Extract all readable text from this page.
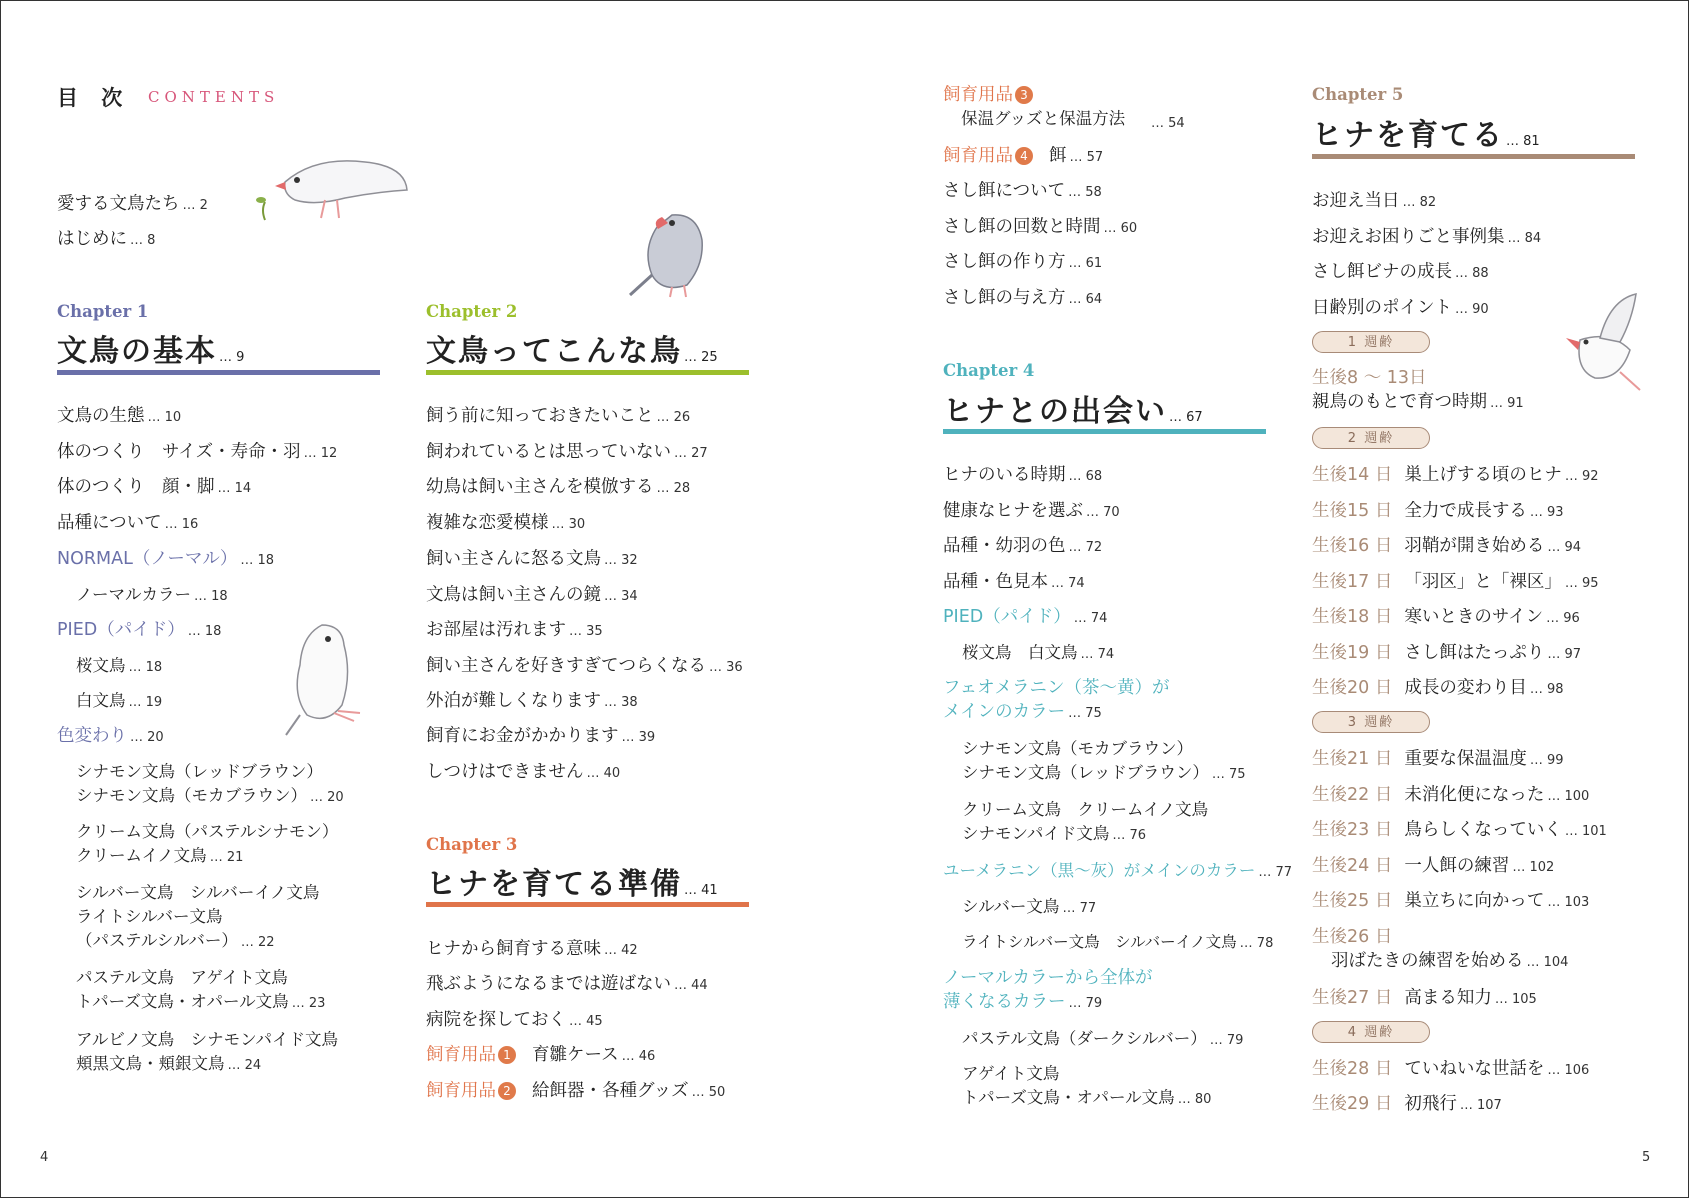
目 次 CONTENTS
愛する文鳥たち … 2
はじめに … 8
Chapter 1
文鳥の基本 … 9
文鳥の生態 … 10
体のつくり　サイズ・寿命・羽 … 12
体のつくり　顔・脚 … 14
品種について … 16
NORMAL（ノーマル） … 18
ノーマルカラー … 18
PIED（パイド） … 18
桜文鳥 … 18
白文鳥 … 19
色変わり … 20
シナモン文鳥（レッドブラウン）
シナモン文鳥（モカブラウン） … 20
クリーム文鳥（パステルシナモン）
クリームイノ文鳥 … 21
シルバー文鳥　シルバーイノ文鳥
ライトシルバー文鳥
（パステルシルバー） … 22
パステル文鳥　アゲイト文鳥
トパーズ文鳥・オパール文鳥 … 23
アルビノ文鳥　シナモンパイド文鳥
頬黒文鳥・頬銀文鳥 … 24
Chapter 2
文鳥ってこんな鳥 … 25
飼う前に知っておきたいこと … 26
飼われているとは思っていない … 27
幼鳥は飼い主さんを模倣する … 28
複雑な恋愛模様 … 30
飼い主さんに怒る文鳥 … 32
文鳥は飼い主さんの鏡 … 34
お部屋は汚れます … 35
飼い主さんを好きすぎてつらくなる … 36
外泊が難しくなります … 38
飼育にお金がかかります … 39
しつけはできません … 40
Chapter 3
ヒナを育てる準備 … 41
ヒナから飼育する意味 … 42
飛ぶようになるまでは遊ばない … 44
病院を探しておく … 45
飼育用品 1 育雛ケース … 46
飼育用品 2 給餌器・各種グッズ … 50
飼育用品 3
保温グッズと保温方法 … 54
飼育用品 4 餌 … 57
さし餌について … 58
さし餌の回数と時間 … 60
さし餌の作り方 … 61
さし餌の与え方 … 64
Chapter 4
ヒナとの出会い … 67
ヒナのいる時期 … 68
健康なヒナを選ぶ … 70
品種・幼羽の色 … 72
品種・色見本 … 74
PIED（パイド） … 74
桜文鳥　白文鳥 … 74
フェオメラニン（茶～黄）が
メインのカラー … 75
シナモン文鳥（モカブラウン）
シナモン文鳥（レッドブラウン） … 75
クリーム文鳥　クリームイノ文鳥
シナモンパイド文鳥 … 76
ユーメラニン（黒～灰）がメインのカラー … 77
シルバー文鳥 … 77
ライトシルバー文鳥　シルバーイノ文鳥 … 78
ノーマルカラーから全体が
薄くなるカラー … 79
パステル文鳥（ダークシルバー） … 79
アゲイト文鳥
トパーズ文鳥・オパール文鳥 … 80
Chapter 5
ヒナを育てる … 81
お迎え当日 … 82
お迎えお困りごと事例集 … 84
さし餌ビナの成長 … 88
日齢別のポイント … 90
1 週齢
生後8 ～ 13日
親鳥のもとで育つ時期 … 91
2 週齢
生後14 日 巣上げする頃のヒナ … 92
生後15 日 全力で成長する … 93
生後16 日 羽鞘が開き始める … 94
生後17 日 「羽区」と「裸区」 … 95
生後18 日 寒いときのサイン … 96
生後19 日 さし餌はたっぷり … 97
生後20 日 成長の変わり目 … 98
3 週齢
生後21 日 重要な保温温度 … 99
生後22 日 未消化便になった … 100
生後23 日 鳥らしくなっていく … 101
生後24 日 一人餌の練習 … 102
生後25 日 巣立ちに向かって … 103
生後26 日
羽ばたきの練習を始める … 104
生後27 日 高まる知力 … 105
4 週齢
生後28 日 ていねいな世話を … 106
生後29 日 初飛行 … 107
4	5
